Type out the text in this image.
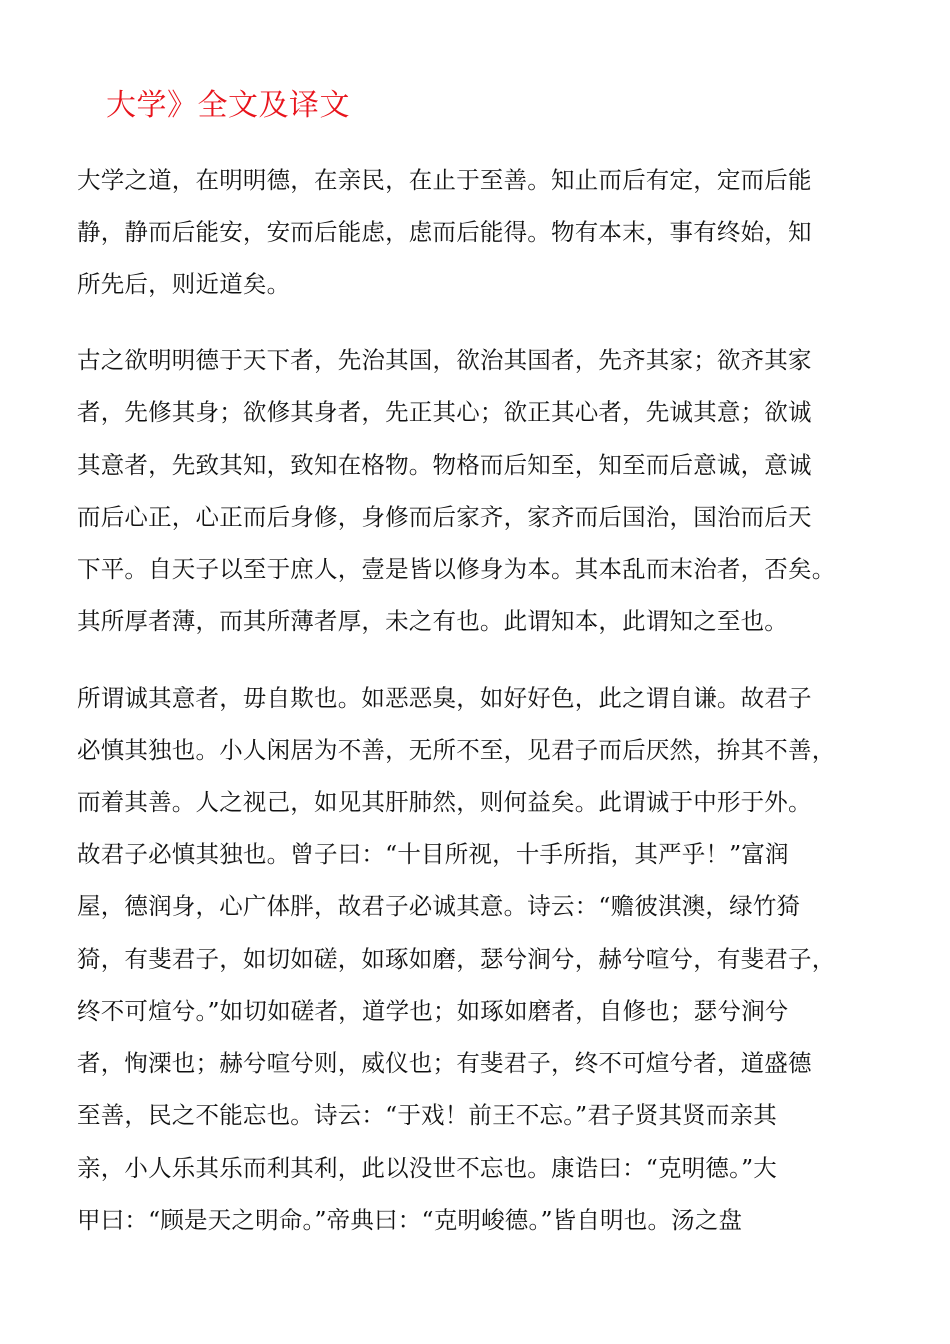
大学》全文及译文
大学之道，在明明德，在亲民，在止于至善。知止而后有定，定而后能
静，静而后能安，安而后能虑，虑而后能得。物有本末，事有终始，知
所先后，则近道矣。
古之欲明明德于天下者，先治其国，欲治其国者，先齐其家；欲齐其家
者，先修其身；欲修其身者，先正其心；欲正其心者，先诚其意；欲诚
其意者，先致其知，致知在格物。物格而后知至，知至而后意诚，意诚
而后心正，心正而后身修，身修而后家齐，家齐而后国治，国治而后天
下平。自天子以至于庶人，壹是皆以修身为本。其本乱而末治者，否矣。
其所厚者薄，而其所薄者厚，未之有也。此谓知本，此谓知之至也。
所谓诚其意者，毋自欺也。如恶恶臭，如好好色，此之谓自谦。故君子
必慎其独也。小人闲居为不善，无所不至，见君子而后厌然，拚其不善，
而着其善。人之视己，如见其肝肺然，则何益矣。此谓诚于中形于外。
故君子必慎其独也。曾子曰：“十目所视，十手所指，其严乎！”富润
屋，德润身，心广体胖，故君子必诚其意。诗云：“赡彼淇澳，绿竹猗
猗，有斐君子，如切如磋，如琢如磨，瑟兮涧兮，赫兮喧兮，有斐君子，
终不可煊兮。”如切如磋者，道学也；如琢如磨者，自修也；瑟兮涧兮
者，恂溧也；赫兮喧兮则，威仪也；有斐君子，终不可煊兮者，道盛德
至善，民之不能忘也。诗云：“于戏！前王不忘。”君子贤其贤而亲其
亲，小人乐其乐而利其利，此以没世不忘也。康诰曰：“克明德。”大
甲曰：“顾是天之明命。”帝典曰：“克明峻德。”皆自明也。汤之盘
